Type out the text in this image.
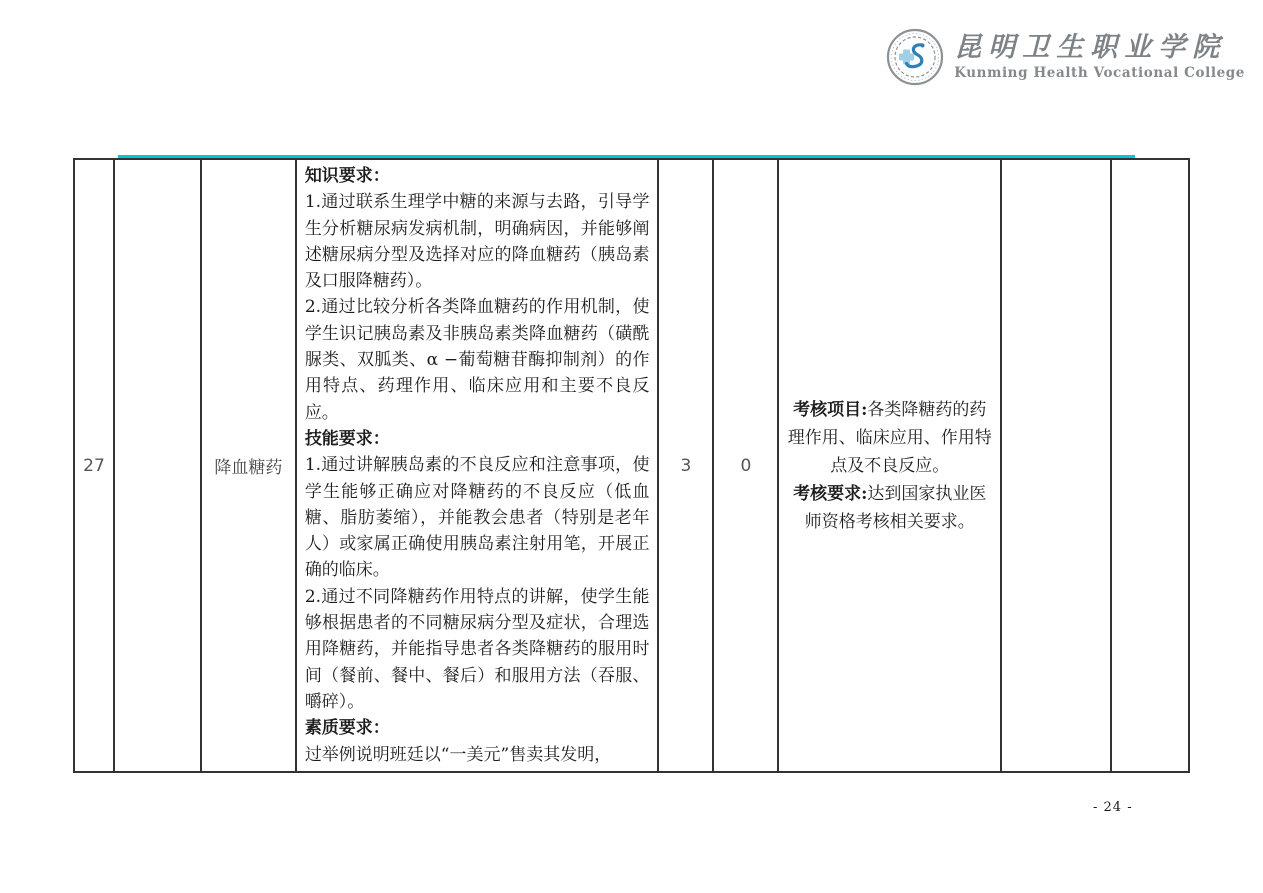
昆明卫生职业学院
Kunming Health Vocational College
27	降血糖药

知识要求：

1.通过联系生理学中糖的来源与去路，引导学生分析糖尿病发病机制，明确病因，并能够阐述糖尿病分型及选择对应的降血糖药（胰岛素及口服降糖药）。

2.通过比较分析各类降血糖药的作用机制，使学生识记胰岛素及非胰岛素类降血糖药（磺酰脲类、双胍类、α −葡萄糖苷酶抑制剂）的作用特点、药理作用、临床应用和主要不良反应。

技能要求：

1.通过讲解胰岛素的不良反应和注意事项，使学生能够正确应对降糖药的不良反应（低血糖、脂肪萎缩），并能教会患者（特别是老年人）或家属正确使用胰岛素注射用笔，开展正确的临床。

2.通过不同降糖药作用特点的讲解，使学生能够根据患者的不同糖尿病分型及症状，合理选用降糖药，并能指导患者各类降糖药的服用时间（餐前、餐中、餐后）和服用方法（吞服、嚼碎）。

素质要求：

过举例说明班廷以“一美元”售卖其发明，

3	0

考核项目:各类降糖药的药理作用、临床应用、作用特点及不良反应。

考核要求:达到国家执业医师资格考核相关要求。

- 24 -
